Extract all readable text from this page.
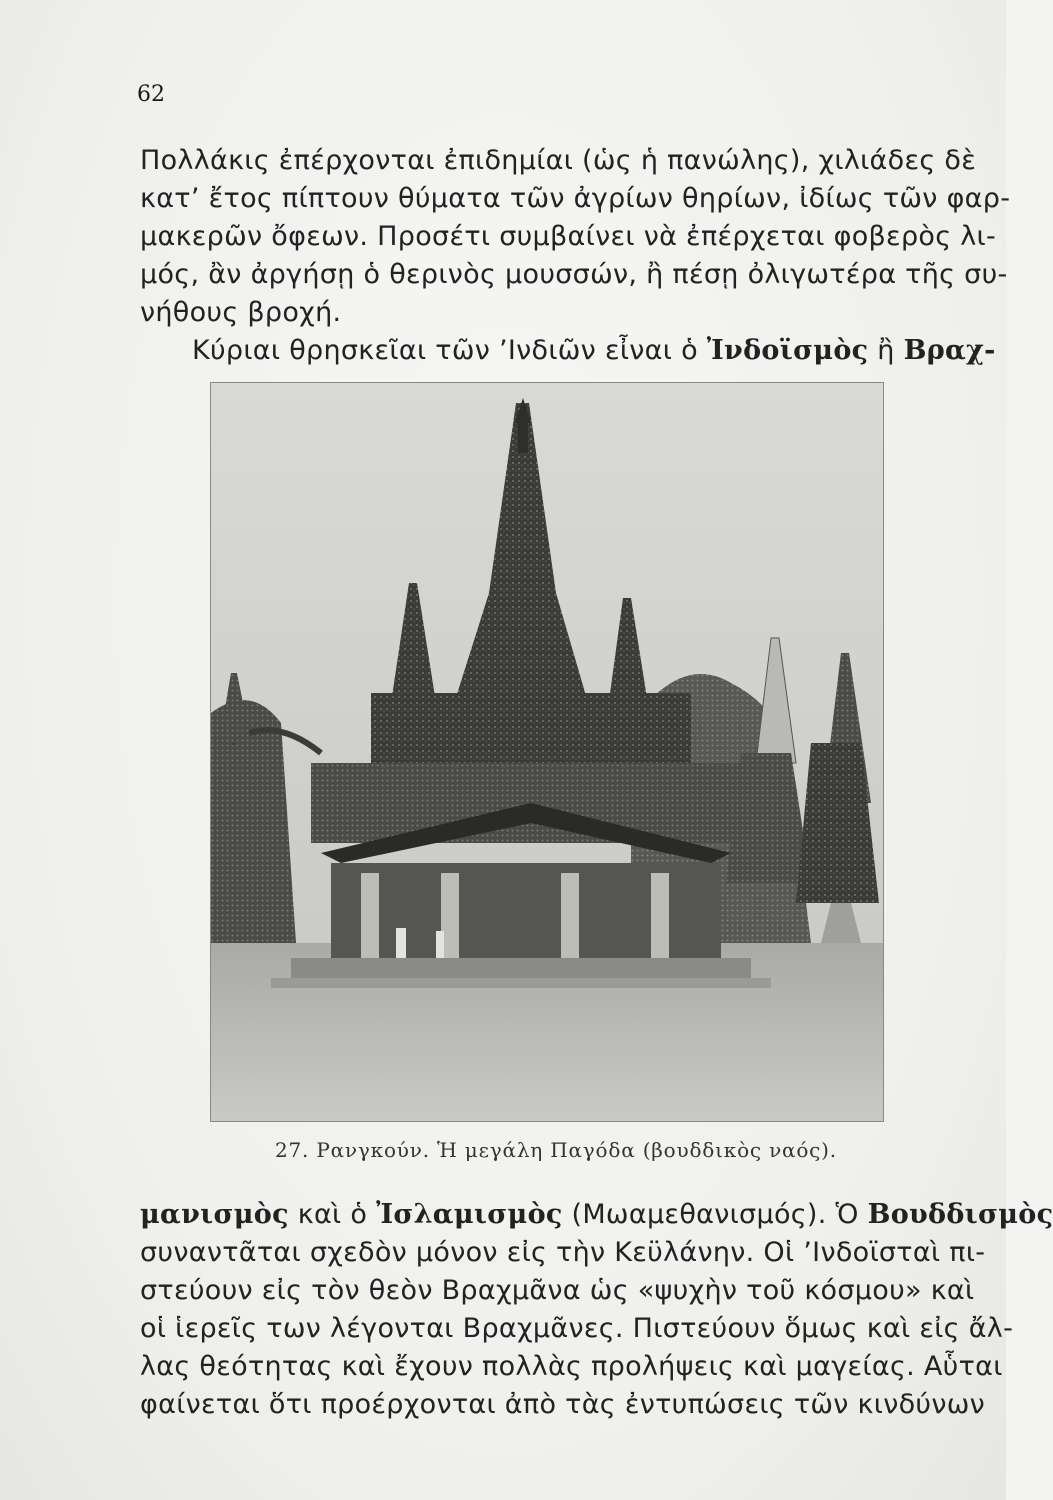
62
Πολλάκις ἐπέρχονται ἐπιδημίαι (ὡς ἡ πανώλης), χιλιάδες δὲ
κατ’ ἔτος πίπτουν θύματα τῶν ἀγρίων θηρίων, ἰδίως τῶν φαρ-
μακερῶν ὄφεων. Προσέτι συμβαίνει νὰ ἐπέρχεται φοβερὸς λι-
μός, ἂν ἀργήσῃ ὁ θερινὸς μουσσών, ἢ πέσῃ ὀλιγωτέρα τῆς συ-
νήθους βροχή.
Κύριαι θρησκεῖαι τῶν ’Ινδιῶν εἶναι ὁ Ἰνδοϊσμὸς ἢ Βραχ-
27. Ρανγκούν. Ἡ μεγάλη Παγόδα (βουδδικὸς ναός).
μανισμὸς καὶ ὁ Ἰσλαμισμὸς (Μωαμεθανισμός). Ὁ Βουδδισμὸς
συναντᾶται σχεδὸν μόνον εἰς τὴν Κεϋλάνην. Οἱ ’Ινδοϊσταὶ πι-
στεύουν εἰς τὸν θεὸν Βραχμᾶνα ὡς «ψυχὴν τοῦ κόσμου» καὶ
οἱ ἱερεῖς των λέγονται Βραχμᾶνες. Πιστεύουν ὅμως καὶ εἰς ἄλ-
λας θεότητας καὶ ἔχουν πολλὰς προλήψεις καὶ μαγείας. Αὗται
φαίνεται ὅτι προέρχονται ἀπὸ τὰς ἐντυπώσεις τῶν κινδύνων
